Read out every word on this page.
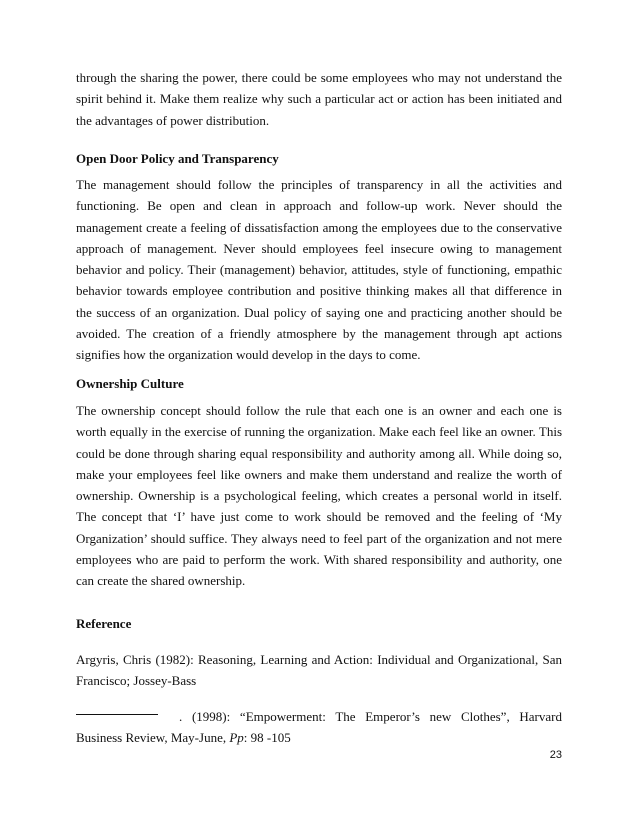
through the sharing the power, there could be some employees who may not understand the spirit behind it. Make them realize why such a particular act or action has been initiated and the advantages of power distribution.

Open Door Policy and Transparency

The management should follow the principles of transparency in all the activities and functioning. Be open and clean in approach and follow-up work. Never should the management create a feeling of dissatisfaction among the employees due to the conservative approach of management. Never should employees feel insecure owing to management behavior and policy. Their (management) behavior, attitudes, style of functioning, empathic behavior towards employee contribution and positive thinking makes all that difference in the success of an organization. Dual policy of saying one and practicing another should be avoided. The creation of a friendly atmosphere by the management through apt actions signifies how the organization would develop in the days to come.

Ownership Culture

The ownership concept should follow the rule that each one is an owner and each one is worth equally in the exercise of running the organization. Make each feel like an owner. This could be done through sharing equal responsibility and authority among all. While doing so, make your employees feel like owners and make them understand and realize the worth of ownership. Ownership is a psychological feeling, which creates a personal world in itself. The concept that ‘I’ have just come to work should be removed and the feeling of ‘My Organization’ should suffice. They always need to feel part of the organization and not mere employees who are paid to perform the work. With shared responsibility and authority, one can create the shared ownership.

Reference

Argyris, Chris (1982): Reasoning, Learning and Action: Individual and Organizational, San Francisco; Jossey-Bass

. (1998): “Empowerment: The Emperor’s new Clothes”, Harvard Business Review, May-June, Pp: 98 -105

23
